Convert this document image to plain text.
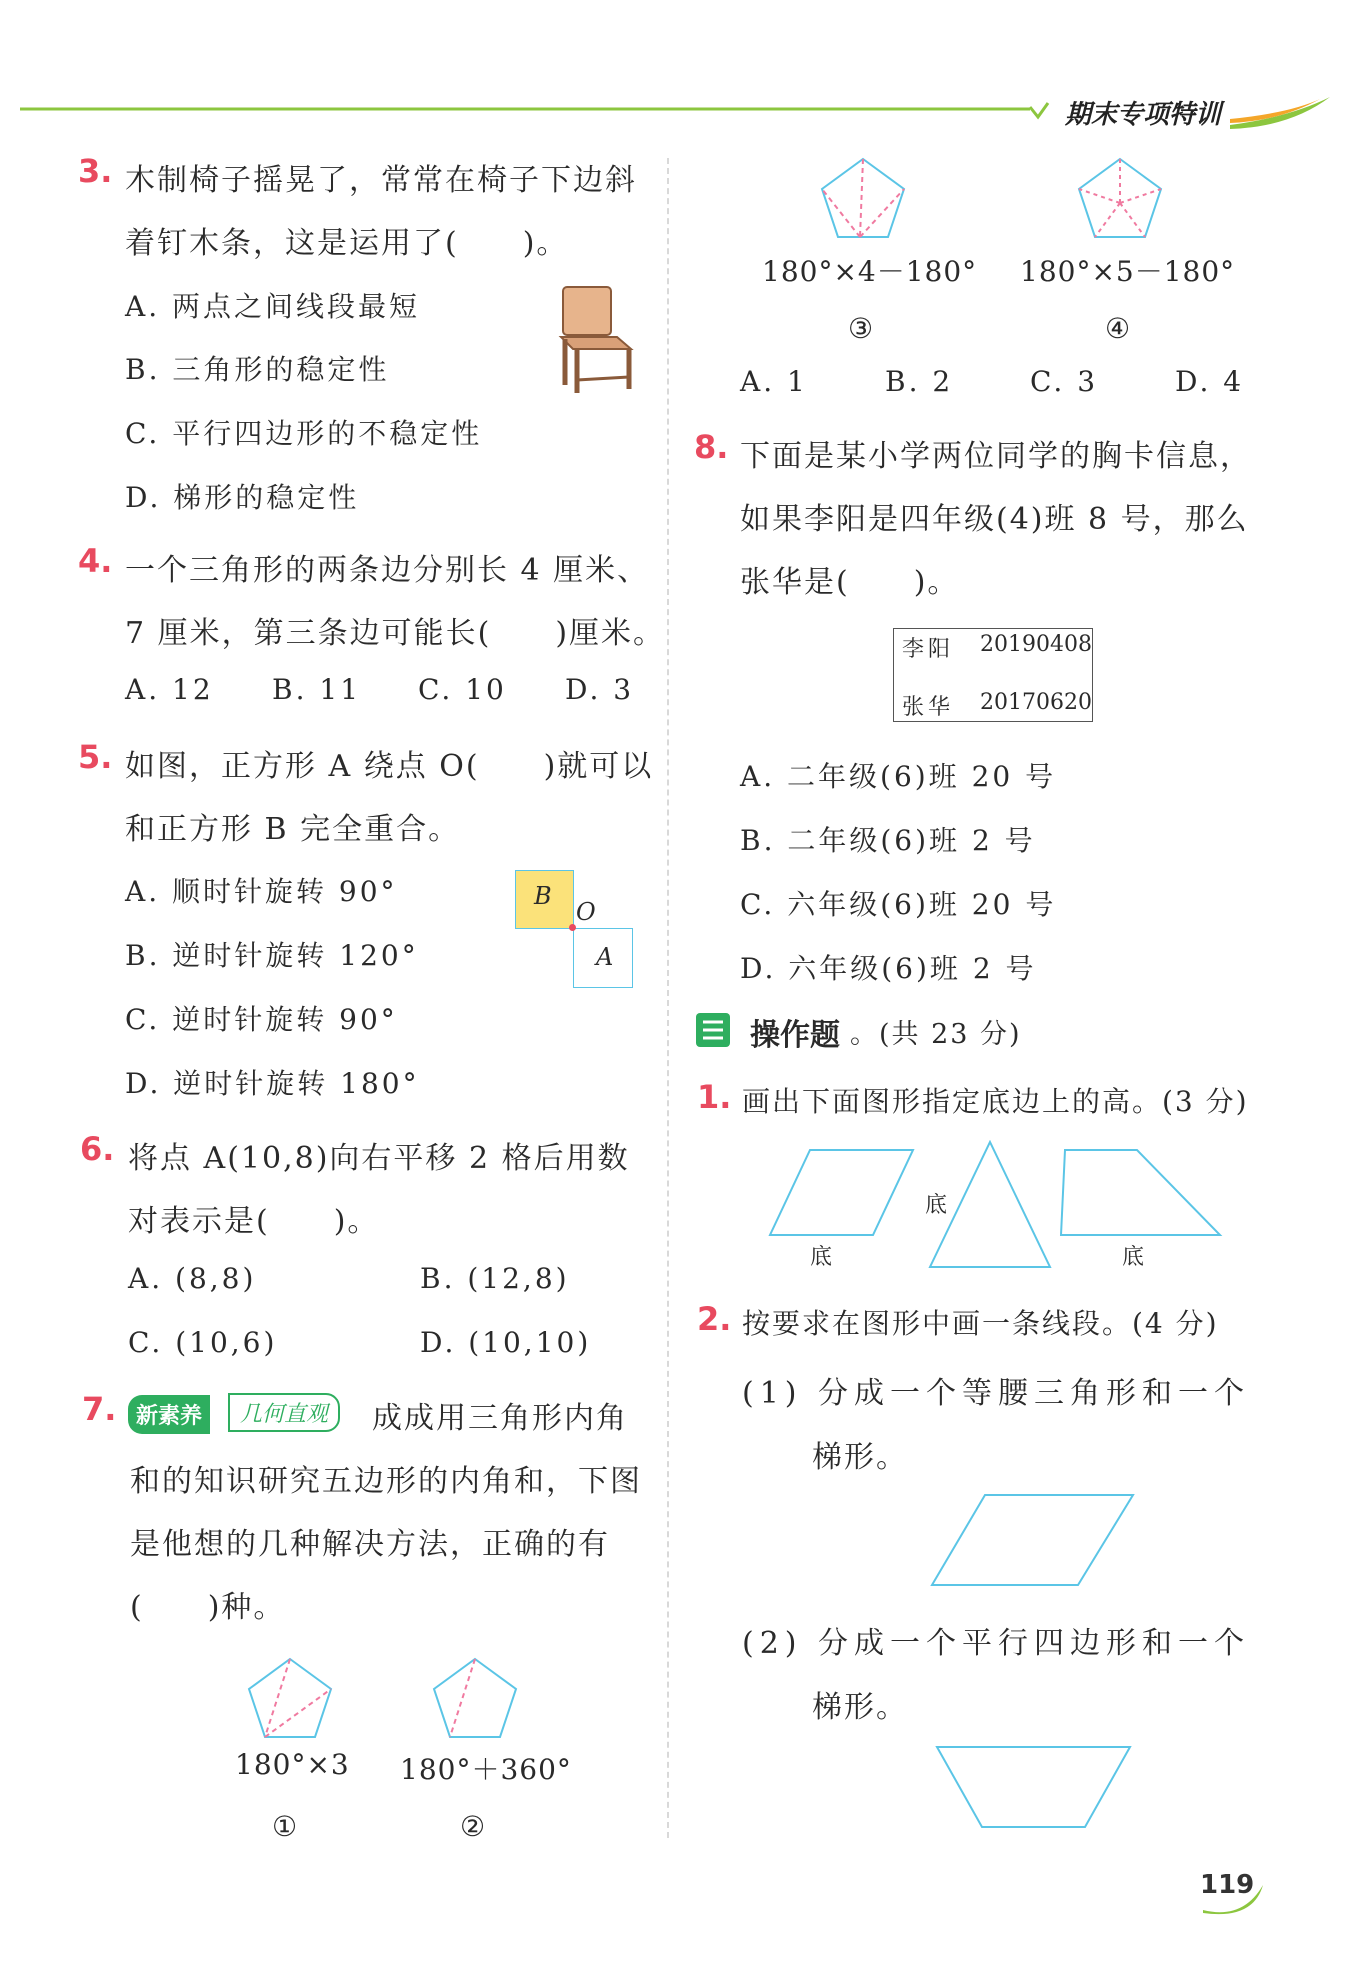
期末专项特训
3. 木制椅子摇晃了，常常在椅子下边斜
着钉木条，这是运用了(　　)。
A. 两点之间线段最短
B. 三角形的稳定性
C. 平行四边形的不稳定性
D. 梯形的稳定性
4. 一个三角形的两条边分别长 4 厘米、
7 厘米，第三条边可能长(　　)厘米。
A. 12 B. 11 C. 10 D. 3
5. 如图，正方形 A 绕点 O(　　)就可以
和正方形 B 完全重合。
A. 顺时针旋转 90°
B. 逆时针旋转 120°
C. 逆时针旋转 90°
D. 逆时针旋转 180°
B
A
O
6. 将点 A(10,8)向右平移 2 格后用数
对表示是(　　)。
A. (8,8)	B. (12,8)
C. (10,6)	D. (10,10)
7. 新素养	几何直观	成成用三角形内角
和的知识研究五边形的内角和，下图
是他想的几种解决方法，正确的有
(　　)种。
180°×3
①
180°＋360°
②
180°×4－180°
③
180°×5－180°
④
A. 1	B. 2	C. 3	D. 4
8. 下面是某小学两位同学的胸卡信息，
如果李阳是四年级(4)班 8 号，那么
张华是(　　)。
李阳 20190408
张华 20170620
A. 二年级(6)班 20 号
B. 二年级(6)班 2 号
C. 六年级(6)班 20 号
D. 六年级(6)班 2 号
操作题 。(共 23 分)
1. 画出下面图形指定底边上的高。(3 分)
底
底
底
2. 按要求在图形中画一条线段。(4 分)
(1) 分成一个等腰三角形和一个
梯形。
(2) 分成一个平行四边形和一个
梯形。
119
